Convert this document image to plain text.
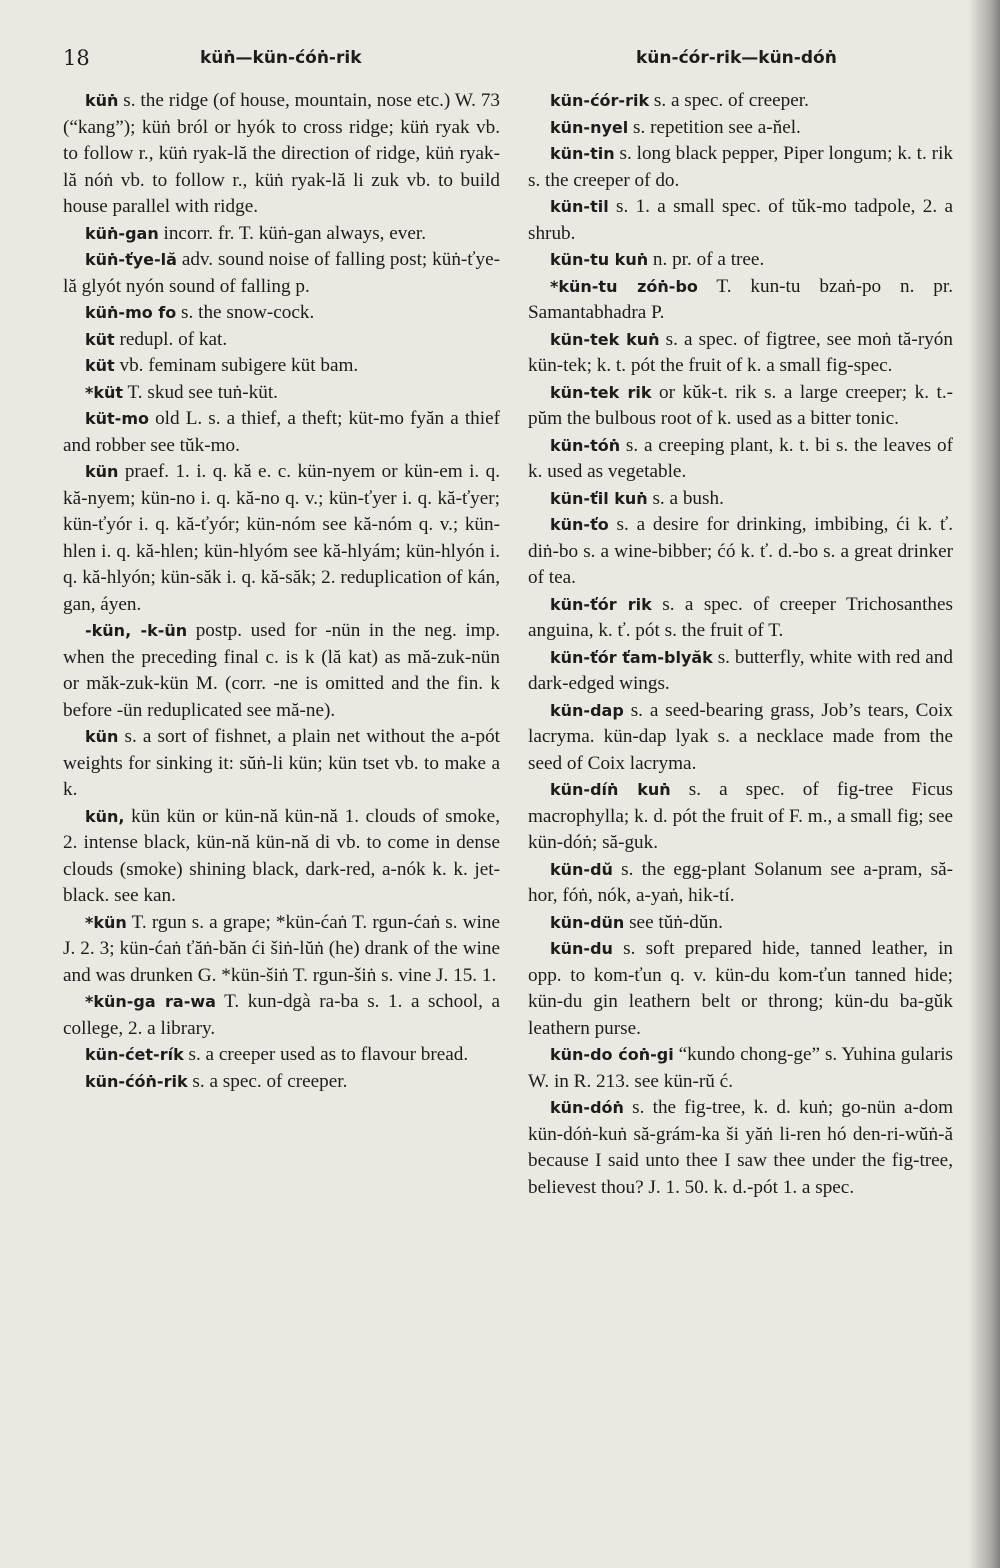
18	küṅ—kün-ćóṅ-rik	kün-ćór-rik—kün-dóṅ

küṅ s. the ridge (of house, mountain, nose etc.) W. 73 (“kang”); küṅ bról or hyók to cross ridge; küṅ ryak vb. to follow r., küṅ ryak-lă the direction of ridge, küṅ ryak-lă nóṅ vb. to follow r., küṅ ryak-lă li zuk vb. to build house parallel with ridge.

küṅ-gan incorr. fr. T. küṅ-gan always, ever.

küṅ-ťye-lă adv. sound noise of falling post; küṅ-ťye-lă glyót nyón sound of falling p.

küṅ-mo fo s. the snow-cock.

küt redupl. of kat.

küt vb. feminam subigere küt bam.

*küt T. skud see tuṅ-küt.

küt-mo old L. s. a thief, a theft; küt-mo fyăn a thief and robber see tŭk-mo.

kün praef. 1. i. q. kă e. c. kün-nyem or kün-em i. q. kă-nyem; kün-no i. q. kă-no q. v.; kün-ťyer i. q. kă-ťyer; kün-ťyór i. q. kă-ťyór; kün-nóm see kă-nóm q. v.; kün-hlen i. q. kă-hlen; kün-hlyóm see kă-hlyám; kün-hlyón i. q. kă-hlyón; kün-săk i. q. kă-săk; 2. reduplication of kán, gan, áyen.

-kün, -k-ün postp. used for -nün in the neg. imp. when the preceding final c. is k (lă kat) as mă-zuk-nün or măk-zuk-kün M. (corr. -ne is omitted and the fin. k before -ün reduplicated see mă-ne).

kün s. a sort of fishnet, a plain net without the a-pót weights for sinking it: sŭṅ-li kün; kün tset vb. to make a k.

kün, kün kün or kün-nă kün-nă 1. clouds of smoke, 2. intense black, kün-nă kün-nă di vb. to come in dense clouds (smoke) shining black, dark-red, a-nók k. k. jet-black. see kan.

*kün T. rgun s. a grape; *kün-ćaṅ T. rgun-ćaṅ s. wine J. 2. 3; kün-ćaṅ ťăṅ-băn ći šiṅ-lŭṅ (he) drank of the wine and was drunken G. *kün-šiṅ T. rgun-šiṅ s. vine J. 15. 1.

*kün-ga ra-wa T. kun-dgà ra-ba s. 1. a school, a college, 2. a library.

kün-ćet-rík s. a creeper used as to flavour bread.

kün-ćóṅ-rik s. a spec. of creeper.

kün-ćór-rik s. a spec. of creeper.

kün-nyel s. repetition see a-ňel.

kün-tin s. long black pepper, Piper longum; k. t. rik s. the creeper of do.

kün-til s. 1. a small spec. of tŭk-mo tadpole, 2. a shrub.

kün-tu kuṅ n. pr. of a tree.

*kün-tu zóṅ-bo T. kun-tu bzaṅ-po n. pr. Samantabhadra P.

kün-tek kuṅ s. a spec. of figtree, see moṅ tă-ryón kün-tek; k. t. pót the fruit of k. a small fig-spec.

kün-tek rik or kŭk-t. rik s. a large creeper; k. t.-pŭm the bulbous root of k. used as a bitter tonic.

kün-tóṅ s. a creeping plant, k. t. bi s. the leaves of k. used as vegetable.

kün-ťil kuṅ s. a bush.

kün-ťo s. a desire for drinking, imbibing, ći k. ť. diṅ-bo s. a wine-bibber; ćó k. ť. d.-bo s. a great drinker of tea.

kün-ťór rik s. a spec. of creeper Trichosanthes anguina, k. ť. pót s. the fruit of T.

kün-ťór ťam-blyăk s. butterfly, white with red and dark-edged wings.

kün-dap s. a seed-bearing grass, Job’s tears, Coix lacryma. kün-dap lyak s. a necklace made from the seed of Coix lacryma.

kün-díṅ kuṅ s. a spec. of fig-tree Ficus macrophylla; k. d. pót the fruit of F. m., a small fig; see kün-dóṅ; să-guk.

kün-dŭ s. the egg-plant Solanum see a-pram, să-hor, fóṅ, nók, a-yaṅ, hik-tí.

kün-dün see tŭṅ-dŭn.

kün-du s. soft prepared hide, tanned leather, in opp. to kom-ťun q. v. kün-du kom-ťun tanned hide; kün-du gin leathern belt or throng; kün-du ba-gŭk leathern purse.

kün-do ćoṅ-gi “kundo chong-ge” s. Yuhina gularis W. in R. 213. see kün-rŭ ć.

kün-dóṅ s. the fig-tree, k. d. kuṅ; go-nün a-dom kün-dóṅ-kuṅ să-grám-ka ši yăṅ li-ren hó den-ri-wŭṅ-ă because I said unto thee I saw thee under the fig-tree, believest thou? J. 1. 50. k. d.-pót 1. a spec.
